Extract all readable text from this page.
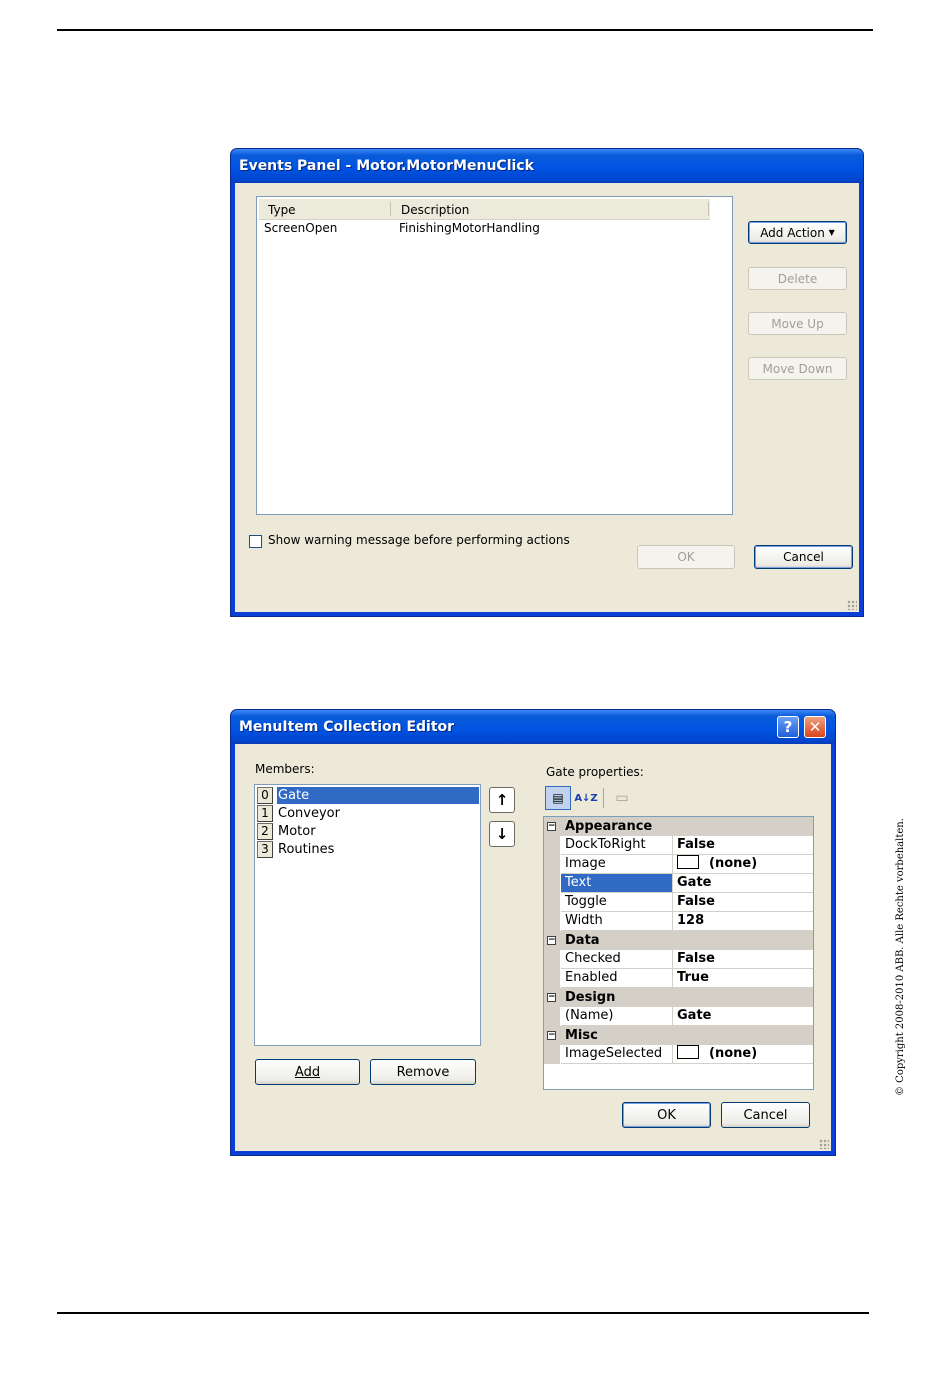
© Copyright 2008-2010 ABB. Alle Rechte vorbehalten.
Events Panel - Motor.MotorMenuClick
Type	Description
ScreenOpen	FinishingMotorHandling	Add Action ▼
Delete
Move Up
Move Down
Show warning message before performing actions
OK	Cancel
MenuItem Collection Editor	? ✕
Members:
0 Gate
1 Conveyor
2 Motor
3 Routines
↑
↓
Add	Remove
Gate properties:
▤ A↓Z ▭
− Appearance
DockToRight	False
Image	(none)
Text	Gate
Toggle	False
Width	128
− Data
Checked	False
Enabled	True
− Design
(Name)	Gate
− Misc
ImageSelected	(none)
OK	Cancel
